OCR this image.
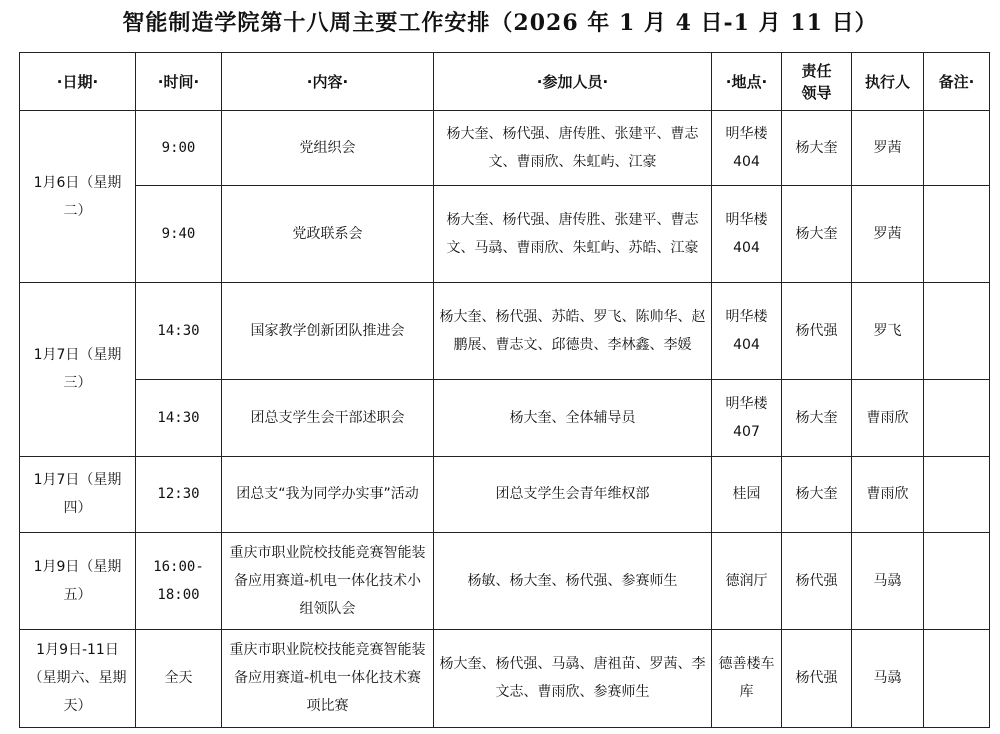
智能制造学院第十八周主要工作安排（2026 年 1 月 4 日-1 月 11 日）
·日期·	·时间·	·内容·	·参加人员·	·地点·	责任领导	执行人	备注·
1月6日（星期二）	9:00	党组织会	杨大奎、杨代强、唐传胜、张建平、曹志文、曹雨欣、朱虹屿、江豪	明华楼404	杨大奎	罗茜	
	9:40	党政联系会	杨大奎、杨代强、唐传胜、张建平、曹志文、马骉、曹雨欣、朱虹屿、苏皓、江豪	明华楼404	杨大奎	罗茜	
1月7日（星期三）	14:30	国家教学创新团队推进会	杨大奎、杨代强、苏皓、罗飞、陈帅华、赵鹏展、曹志文、邱德贵、李林鑫、李媛	明华楼404	杨代强	罗飞	
	14:30	团总支学生会干部述职会	杨大奎、全体辅导员	明华楼407	杨大奎	曹雨欣	
1月7日（星期四）	12:30	团总支“我为同学办实事”活动	团总支学生会青年维权部	桂园	杨大奎	曹雨欣	
1月9日（星期五）	16:00-18:00	重庆市职业院校技能竞赛智能装备应用赛道-机电一体化技术小组领队会	杨敏、杨大奎、杨代强、参赛师生	德润厅	杨代强	马骉	
1月9日-11日（星期六、星期天）	全天	重庆市职业院校技能竞赛智能装备应用赛道-机电一体化技术赛项比赛	杨大奎、杨代强、马骉、唐祖苗、罗茜、李文志、曹雨欣、参赛师生	德善楼车库	杨代强	马骉	
